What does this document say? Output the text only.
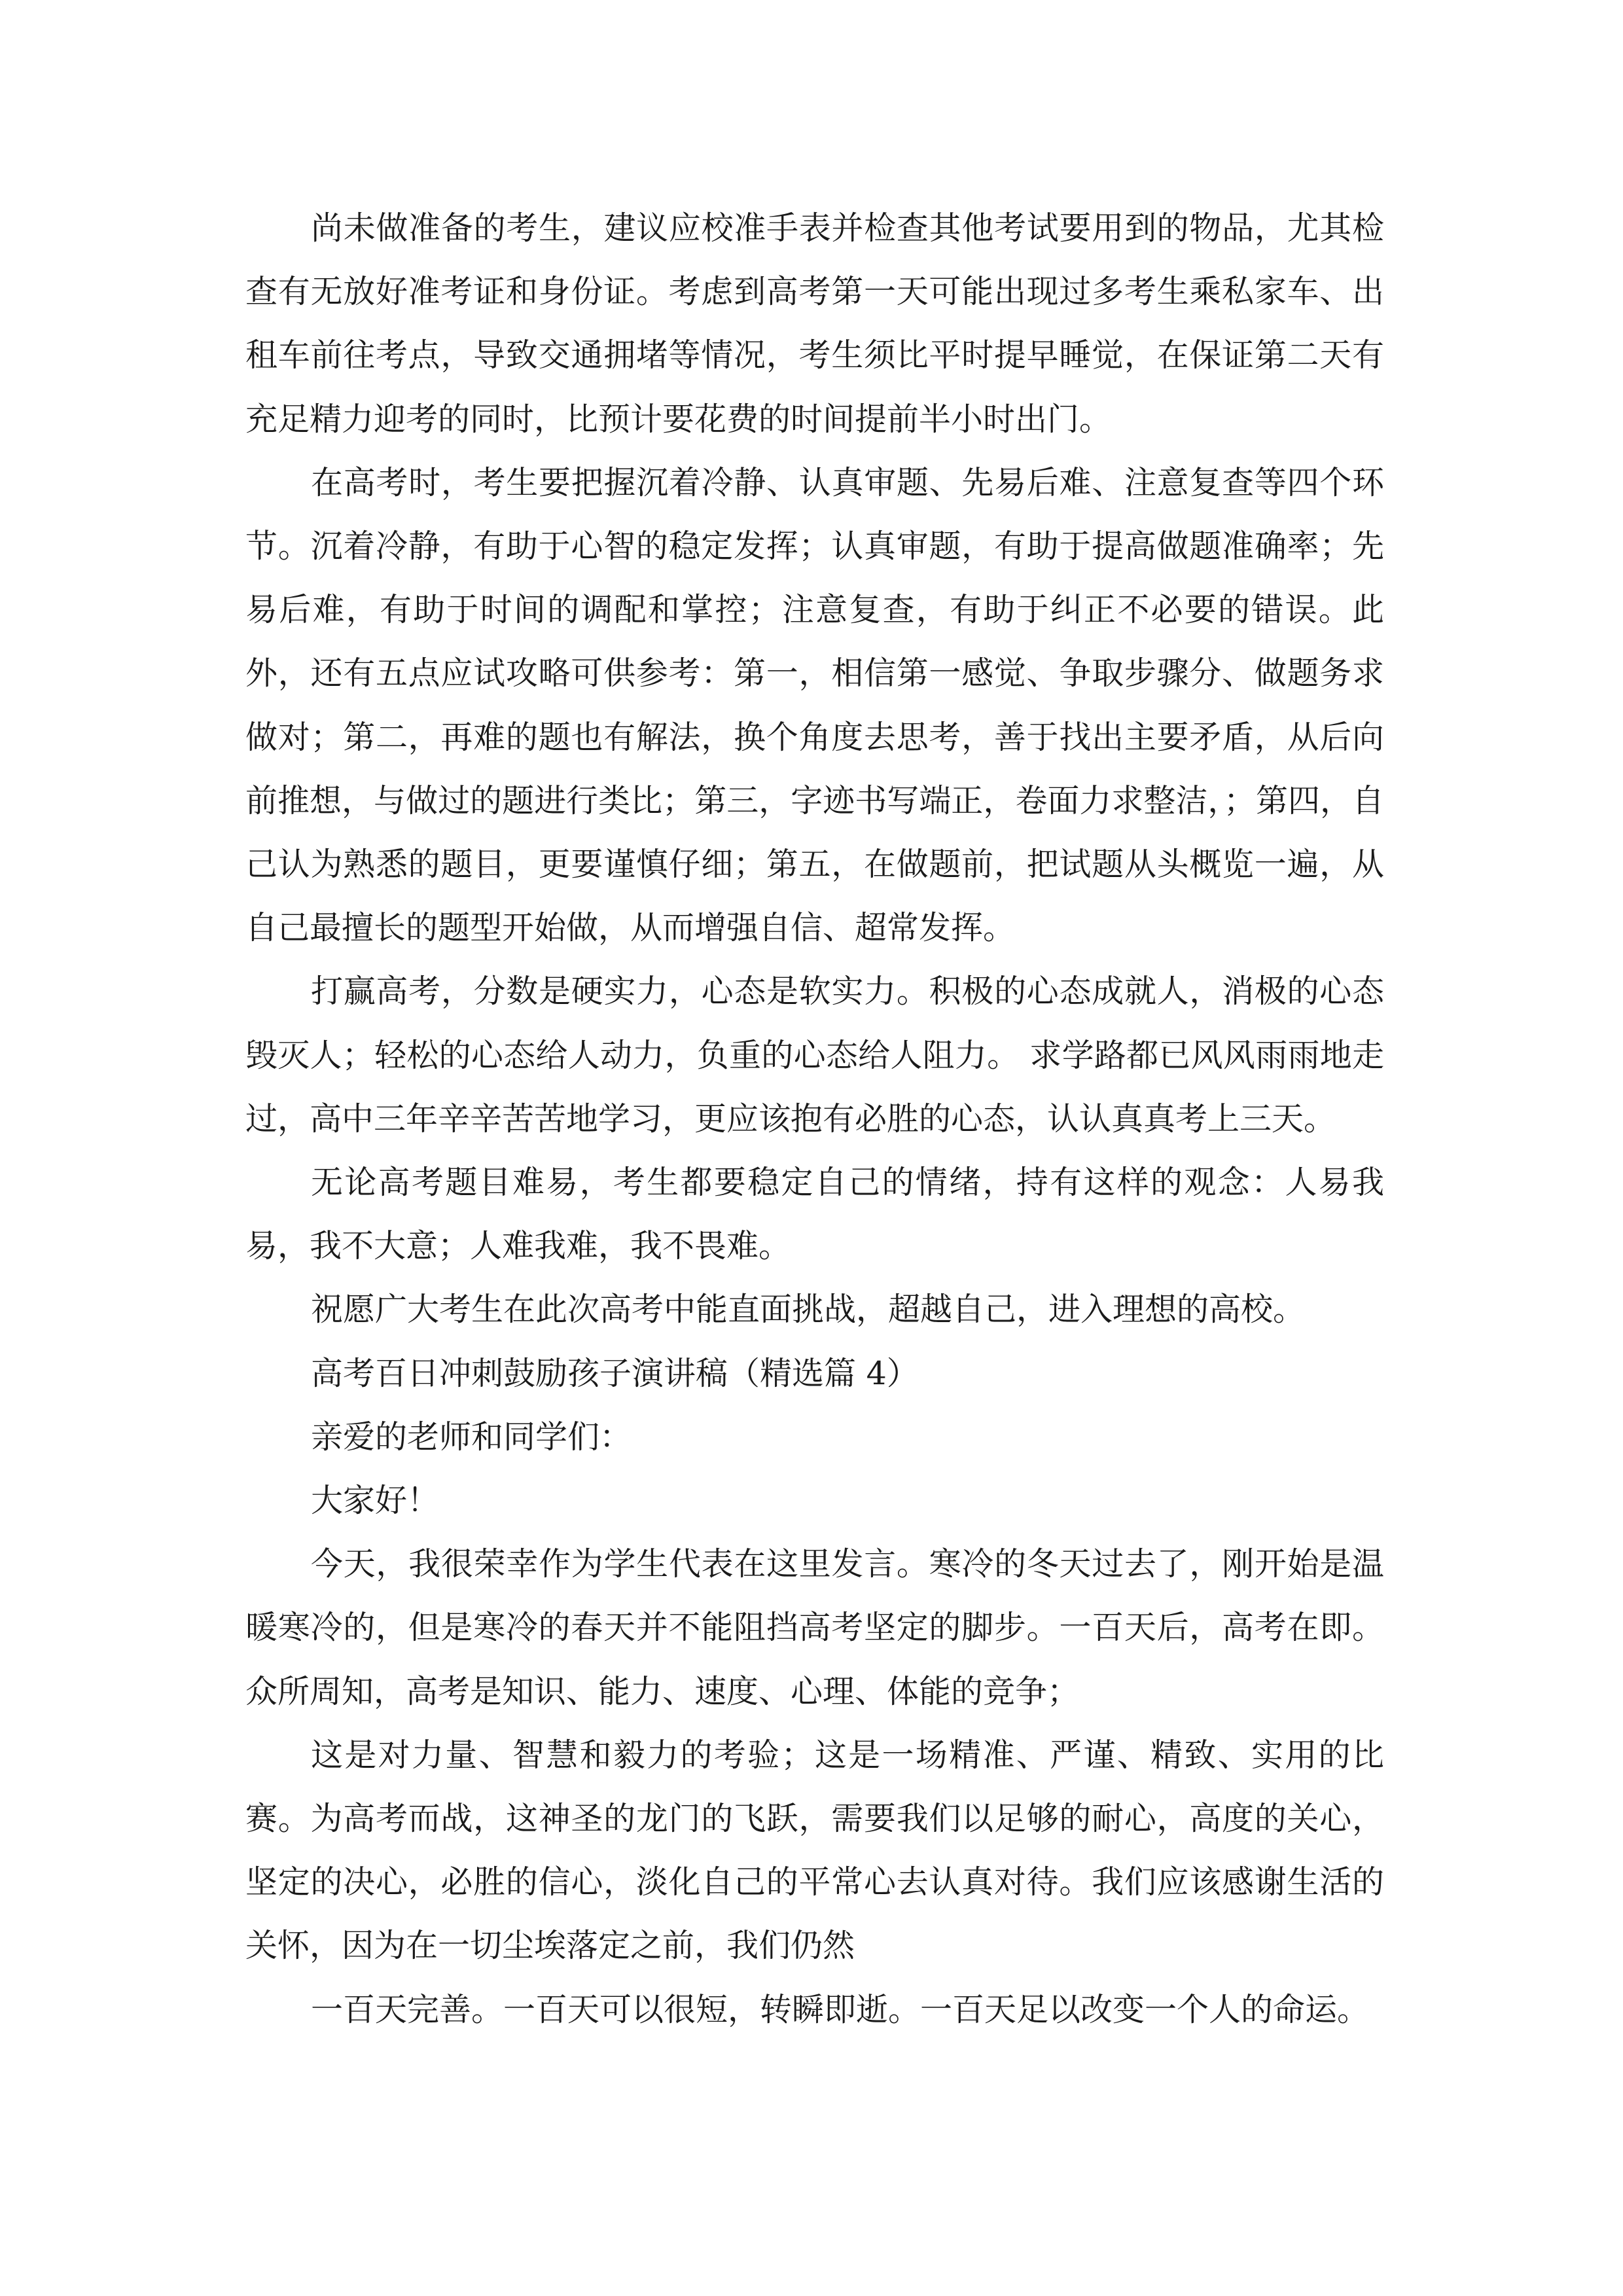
尚未做准备的考生，建议应校准手表并检查其他考试要用到的物品，尤其检查有无放好准考证和身份证。考虑到高考第一天可能出现过多考生乘私家车、出租车前往考点，导致交通拥堵等情况，考生须比平时提早睡觉，在保证第二天有充足精力迎考的同时，比预计要花费的时间提前半小时出门。

在高考时，考生要把握沉着冷静、认真审题、先易后难、注意复查等四个环节。沉着冷静，有助于心智的稳定发挥；认真审题，有助于提高做题准确率；先易后难，有助于时间的调配和掌控；注意复查，有助于纠正不必要的错误。此外，还有五点应试攻略可供参考：第一，相信第一感觉、争取步骤分、做题务求做对；第二，再难的题也有解法，换个角度去思考，善于找出主要矛盾，从后向前推想，与做过的题进行类比；第三，字迹书写端正，卷面力求整洁，；第四，自己认为熟悉的题目，更要谨慎仔细；第五，在做题前，把试题从头概览一遍，从自己最擅长的题型开始做，从而增强自信、超常发挥。

打赢高考，分数是硬实力，心态是软实力。积极的心态成就人，消极的心态毁灭人；轻松的心态给人动力，负重的心态给人阻力。 求学路都已风风雨雨地走过，高中三年辛辛苦苦地学习，更应该抱有必胜的心态，认认真真考上三天。

无论高考题目难易，考生都要稳定自己的情绪，持有这样的观念：人易我易，我不大意；人难我难，我不畏难。

祝愿广大考生在此次高考中能直面挑战，超越自己，进入理想的高校。

高考百日冲刺鼓励孩子演讲稿（精选篇 4）

亲爱的老师和同学们：

大家好！

今天，我很荣幸作为学生代表在这里发言。寒冷的冬天过去了，刚开始是温暖寒冷的，但是寒冷的春天并不能阻挡高考坚定的脚步。一百天后，高考在即。众所周知，高考是知识、能力、速度、心理、体能的竞争；

这是对力量、智慧和毅力的考验；这是一场精准、严谨、精致、实用的比赛。为高考而战，这神圣的龙门的飞跃，需要我们以足够的耐心，高度的关心，坚定的决心，必胜的信心，淡化自己的平常心去认真对待。我们应该感谢生活的关怀，因为在一切尘埃落定之前，我们仍然

一百天完善。一百天可以很短，转瞬即逝。一百天足以改变一个人的命运。
